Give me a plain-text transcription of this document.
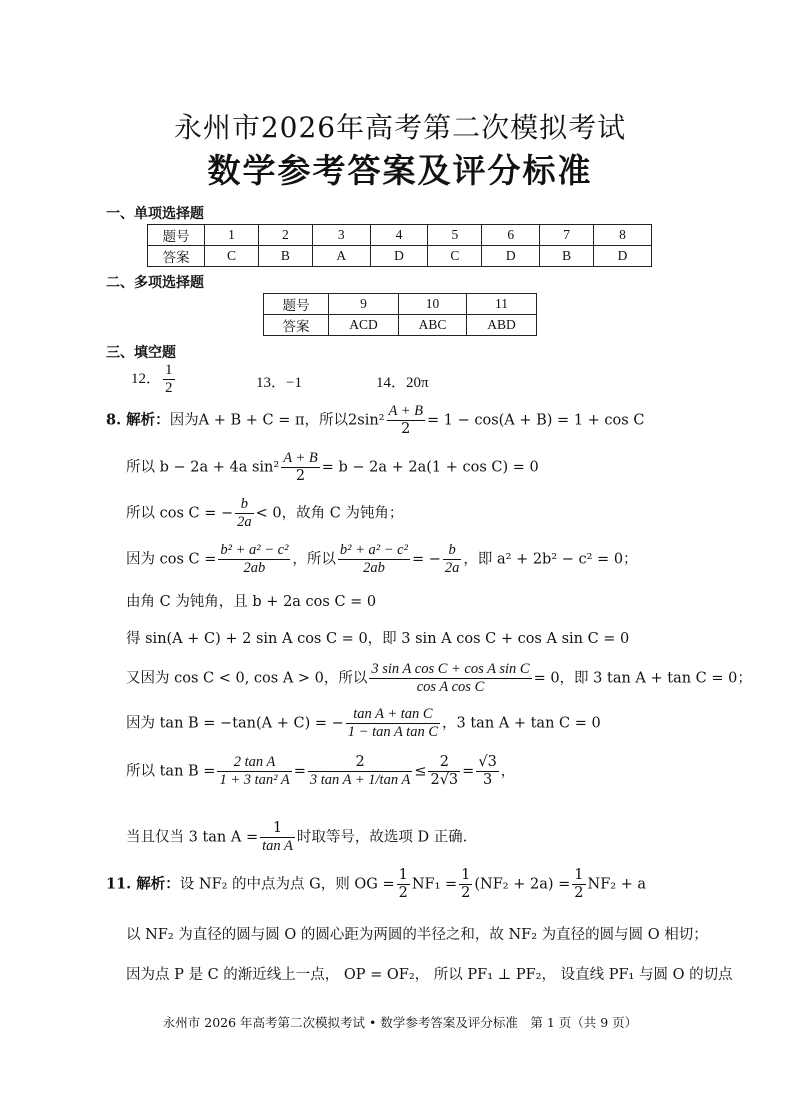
永州市2026年高考第二次模拟考试
数学参考答案及评分标准
一、单项选择题
题号	1	2	3	4	5	6	7	8
答案	C	B	A	D	C	D	B	D
二、多项选择题
题号	9	10	11
答案	ACD	ABC	ABD
三、填空题
12． $\frac{1}{2}$	13．−1	14．20π
8. 解析：因为A + B + C = π，所以$2\sin^2 \frac{A + B}{2} = 1 - \cos(A + B) = 1 + \cos C$
所以 b − 2a + 4a $\sin^2 \frac{A + B}{2} = b - 2a + 2a(1 + \cos C) = 0$
所以 cos C = − $\frac{b}{2a} < 0$，故角 C 为钝角；
因为 $\cos C = \frac{\text{b² + a² − c²}}{2ab}$ ，所以 $\frac{\text{b² + a² − c²}}{2ab}$ = − $\frac{b}{2a}$ ，即 a² + 2b² − c² = 0；
由角 C 为钝角，且 b + 2a cos C = 0
得 sin(A + C) + 2 sin A cos C = 0，即 3 sin A cos C + cos A sin C = 0
又因为 cos C < 0, cos A > 0，所以 $\frac{\text{3 sin A cos C + cos A sin C}}{\text{cos A cos C}} = 0$，即 3 tan A + tan C = 0；
因为 tan B = −tan(A + C) = − $\frac{\text{tan A + tan C}}{\text{1 − tan A tan C}}$ ，3 tan A + tan C = 0
所以 $\tan B = \frac{\text{2 tan A}}{\text{1 + 3 tan² A}} = \frac{2}{\text{3 tan A + 1/tan A}} \le \frac{2}{2√3} = \frac{√3}{3}$ ，
当且仅当 3 $\tan A = \frac{1}{\text{tan A}}$ 时取等号，故选项 D 正确.
11. 解析：设 NF₂ 的中点为点 G，则 OG = $\frac{1}{2} NF_1 = \frac{1}{2} (NF_2 + 2a) = \frac{1}{2} NF_2 + a$
以 NF₂ 为直径的圆与圆 O 的圆心距为两圆的半径之和，故 NF₂ 为直径的圆与圆 O 相切；
因为点 P 是 C 的渐近线上一点， OP = OF₂， 所以 PF₁ ⊥ PF₂， 设直线 PF₁ 与圆 O 的切点
永州市 2026 年高考第二次模拟考试 • 数学参考答案及评分标准　第 1 页（共 9 页）
